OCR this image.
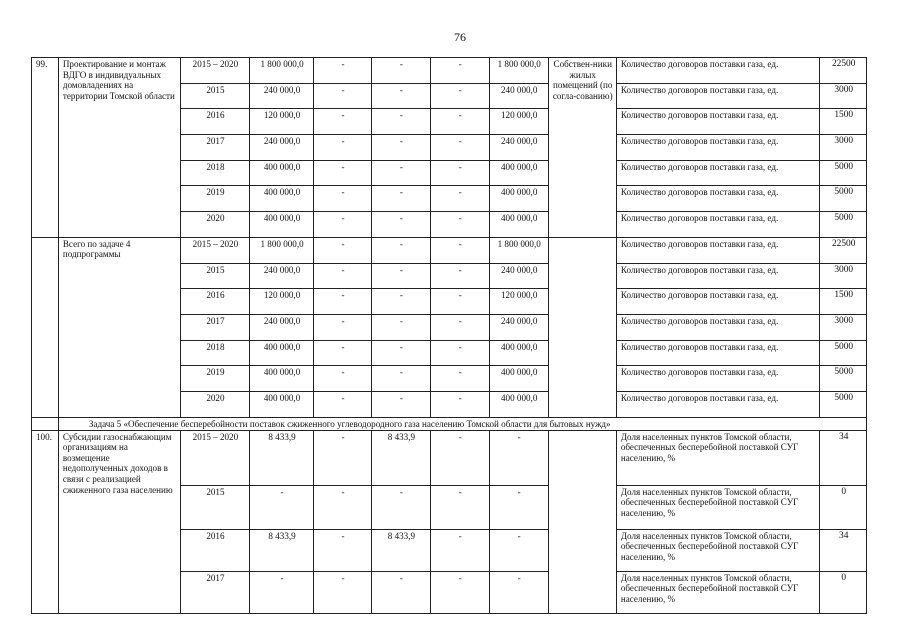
76
99.	Проектирование и монтаж ВДГО в индивидуальных домовладениях на территории Томской области	2015 – 2020	1 800 000,0	-	-	-	1 800 000,0	Собствен-ники жилых помещений (по согла-сованию)	Количество договоров поставки газа, ед.	22500
		2015	240 000,0	-	-	-	240 000,0		Количество договоров поставки газа, ед.	3000
		2016	120 000,0	-	-	-	120 000,0		Количество договоров поставки газа, ед.	1500
		2017	240 000,0	-	-	-	240 000,0		Количество договоров поставки газа, ед.	3000
		2018	400 000,0	-	-	-	400 000,0		Количество договоров поставки газа, ед.	5000
		2019	400 000,0	-	-	-	400 000,0		Количество договоров поставки газа, ед.	5000
		2020	400 000,0	-	-	-	400 000,0		Количество договоров поставки газа, ед.	5000
	Всего по задаче 4 подпрограммы	2015 – 2020	1 800 000,0	-	-	-	1 800 000,0		Количество договоров поставки газа, ед.	22500
		2015	240 000,0	-	-	-	240 000,0		Количество договоров поставки газа, ед.	3000
		2016	120 000,0	-	-	-	120 000,0		Количество договоров поставки газа, ед.	1500
		2017	240 000,0	-	-	-	240 000,0		Количество договоров поставки газа, ед.	3000
		2018	400 000,0	-	-	-	400 000,0		Количество договоров поставки газа, ед.	5000
		2019	400 000,0	-	-	-	400 000,0		Количество договоров поставки газа, ед.	5000
		2020	400 000,0	-	-	-	400 000,0		Количество договоров поставки газа, ед.	5000
	Задача 5 «Обеспечение бесперебойности поставок сжиженного углеводородного газа населению Томской области для бытовых нужд»									
100.	Субсидии газоснабжающим организациям на возмещение недополученных доходов в связи с реализацией сжиженного газа населению	2015 – 2020	8 433,9	-	8 433,9	-	-		Доля населенных пунктов Томской области, обеспеченных бесперебойной поставкой СУГ населению, %	34
		2015	-	-	-	-	-		Доля населенных пунктов Томской области, обеспеченных бесперебойной поставкой СУГ населению, %	0
		2016	8 433,9	-	8 433,9	-	-		Доля населенных пунктов Томской области, обеспеченных бесперебойной поставкой СУГ населению, %	34
		2017	-	-	-	-	-		Доля населенных пунктов Томской области, обеспеченных бесперебойной поставкой СУГ населению, %	0
